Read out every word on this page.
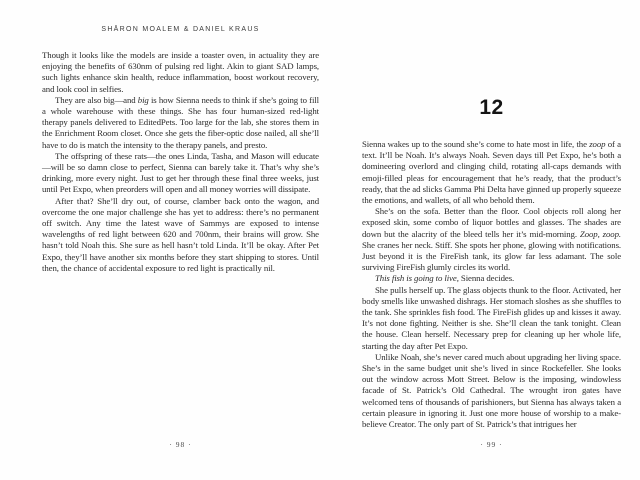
SHĀRON MOALEM & DANIEL KRAUS

Though it looks like the models are inside a toaster oven, in actuality they are enjoying the benefits of 630nm of pulsing red light. Akin to giant SAD lamps, such lights enhance skin health, reduce inflammation, boost workout recovery, and look cool in selfies.

They are also big—and big is how Sienna needs to think if she’s going to fill a whole warehouse with these things. She has four human-sized red-light therapy panels delivered to EditedPets. Too large for the lab, she stores them in the Enrichment Room closet. Once she gets the fiber-optic dose nailed, all she’ll have to do is match the intensity to the therapy panels, and presto.

The offspring of these rats—the ones Linda, Tasha, and Mason will educate—will be so damn close to perfect, Sienna can barely take it. That’s why she’s drinking, more every night. Just to get her through these final three weeks, just until Pet Expo, when preorders will open and all money worries will dissipate.

After that? She’ll dry out, of course, clamber back onto the wagon, and overcome the one major challenge she has yet to address: there’s no permanent off switch. Any time the latest wave of Sammys are exposed to intense wavelengths of red light between 620 and 700nm, their brains will grow. She hasn’t told Noah this. She sure as hell hasn’t told Linda. It’ll be okay. After Pet Expo, they’ll have another six months before they start shipping to stores. Until then, the chance of accidental exposure to red light is practically nil.

· 98 ·
12

Sienna wakes up to the sound she’s come to hate most in life, the zoop of a text. It’ll be Noah. It’s always Noah. Seven days till Pet Expo, he’s both a domineering overlord and clinging child, rotating all-caps demands with emoji-filled pleas for encouragement that he’s ready, that the product’s ready, that the ad slicks Gamma Phi Delta have ginned up properly squeeze the emotions, and wallets, of all who behold them.

She’s on the sofa. Better than the floor. Cool objects roll along her exposed skin, some combo of liquor bottles and glasses. The shades are down but the alacrity of the bleed tells her it’s mid-morning. Zoop, zoop. She cranes her neck. Stiff. She spots her phone, glowing with notifications. Just beyond it is the FireFish tank, its glow far less adamant. The sole surviving FireFish glumly circles its world.

This fish is going to live, Sienna decides.

She pulls herself up. The glass objects thunk to the floor. Activated, her body smells like unwashed dishrags. Her stomach sloshes as she shuffles to the tank. She sprinkles fish food. The FireFish glides up and kisses it away. It’s not done fighting. Neither is she. She’ll clean the tank tonight. Clean the house. Clean herself. Necessary prep for cleaning up her whole life, starting the day after Pet Expo.

Unlike Noah, she’s never cared much about upgrading her living space. She’s in the same budget unit she’s lived in since Rockefeller. She looks out the window across Mott Street. Below is the imposing, windowless facade of St. Patrick’s Old Cathedral. The wrought iron gates have welcomed tens of thousands of parishioners, but Sienna has always taken a certain pleasure in ignoring it. Just one more house of worship to a make-believe Creator. The only part of St. Patrick’s that intrigues her

· 99 ·
